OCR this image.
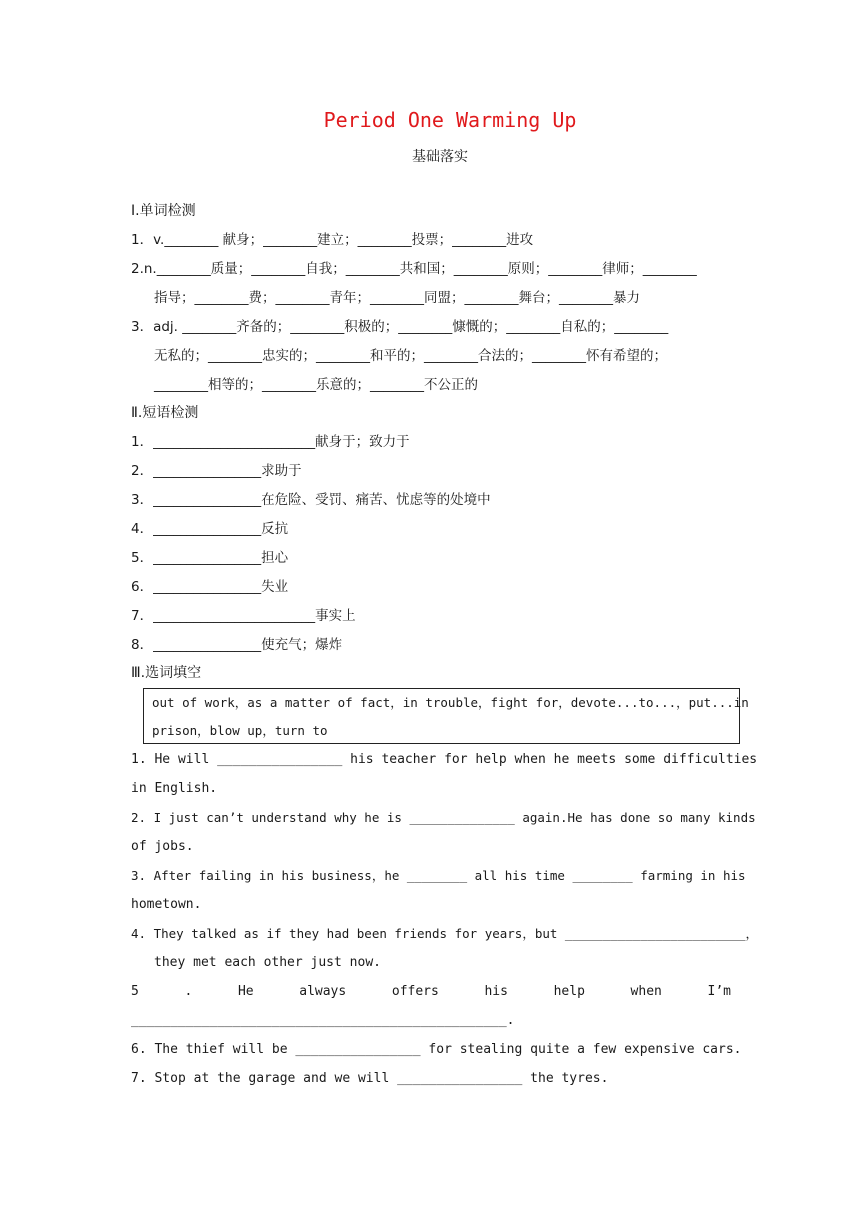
Period One Warming Up
基础落实
Ⅰ.单词检测
1．v.________ 献身；________建立；________投票；________进攻
2.n.________质量；________自我；________共和国；________原则；________律师；________
指导；________费；________青年；________同盟；________舞台；________暴力
3．adj. ________齐备的；________积极的；________慷慨的；________自私的；________
无私的；________忠实的；________和平的；________合法的；________怀有希望的；
________相等的；________乐意的；________不公正的
Ⅱ.短语检测
1．________________________献身于；致力于
2．________________求助于
3．________________在危险、受罚、痛苦、忧虑等的处境中
4．________________反抗
5．________________担心
6．________________失业
7．________________________事实上
8．________________使充气；爆炸
Ⅲ.选词填空
out of work，as a matter of fact，in trouble，fight for，devote...to...，put...in
prison，blow up，turn to
1. He will ________________ his teacher for help when he meets some difficulties
in English.
2. I just can’t understand why he is ______________ again.He has done so many kinds
of jobs.
3. After failing in his business，he ________ all his time ________ farming in his
hometown.
4. They talked as if they had been friends for years，but ________________________，
they met each other just now.
5 . He always offers his help when I’m
________________________________________________.
6. The thief will be ________________ for stealing quite a few expensive cars.
7. Stop at the garage and we will ________________ the tyres.
